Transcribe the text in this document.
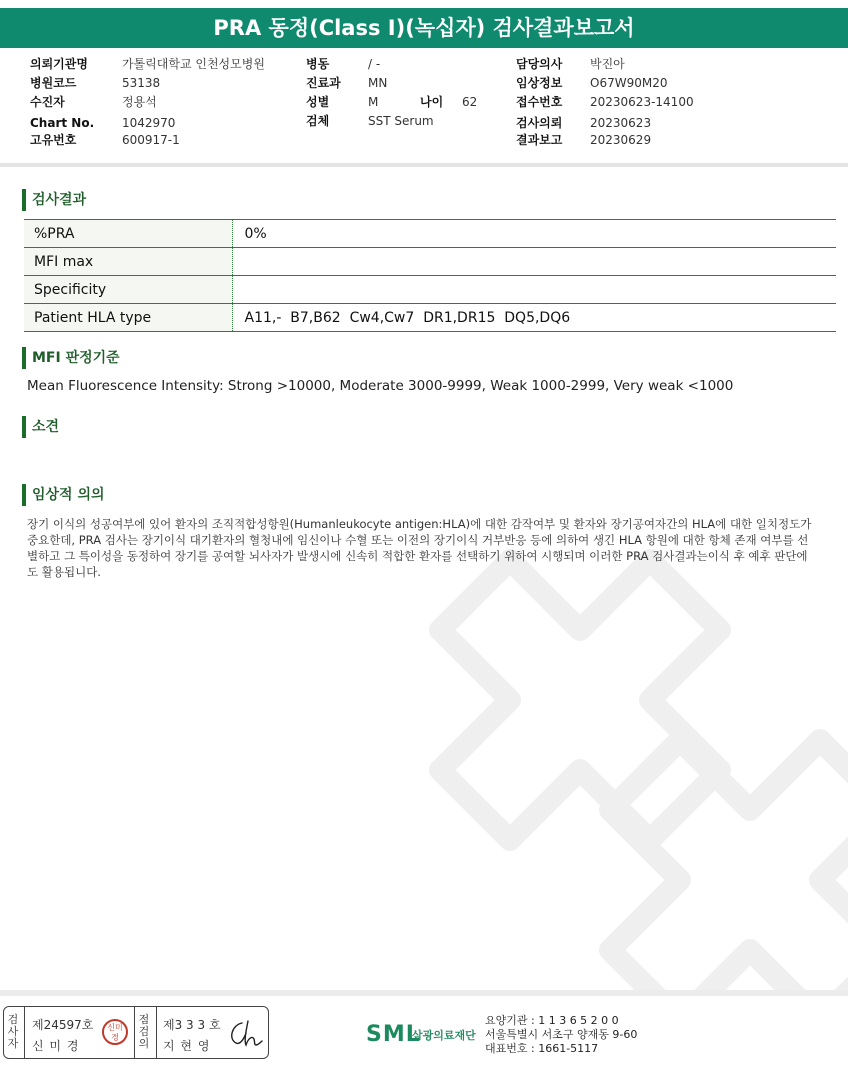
PRA 동정(Class I)(녹십자) 검사결과보고서
의뢰기관명	가톨릭대학교 인천성모병원
병원코드	53138
수진자	정용석
Chart No. 1042970
고유번호	600917-1
병동	/ -
진료과 MN
성별	M	나이 62
검체	SST Serum
담당의사 박진아
임상정보 O67W90M20
접수번호 20230623-14100
검사의뢰 20230623
결과보고 20230629
검사결과
%PRA	0%
MFI max	
Specificity	
Patient HLA type	A11,-  B7,B62  Cw4,Cw7  DR1,DR15  DQ5,DQ6
MFI 판정기준
Mean Fluorescence Intensity: Strong >10000, Moderate 3000-9999, Weak 1000-2999, Very weak <1000
소견
임상적 의의
장기 이식의 성공여부에 있어 환자의 조직적합성항원(Humanleukocyte antigen:HLA)에 대한 감작여부 및 환자와 장기공여자간의 HLA에 대한 일치정도가 중요한데, PRA 검사는 장기이식 대기환자의 혈청내에 임신이나 수혈 또는 이전의 장기이식 거부반응 등에 의하여 생긴 HLA 항원에 대한 항체 존재 여부를 선별하고 그 특이성을 동정하여 장기를 공여할 뇌사자가 발생시에 신속히 적합한 환자를 선택하기 위하여 시행되며 이러한 PRA 검사결과는이식 후 예후 판단에도 활용됩니다.
검사자
제24597호
신 미 경
신미경
점검의
제3 3 3 호
지 현 영	SML
삼광의료재단
요양기관 : 1 1 3 6 5 2 0 0
서울특별시 서초구 양재동 9-60
대표번호 : 1661-5117
